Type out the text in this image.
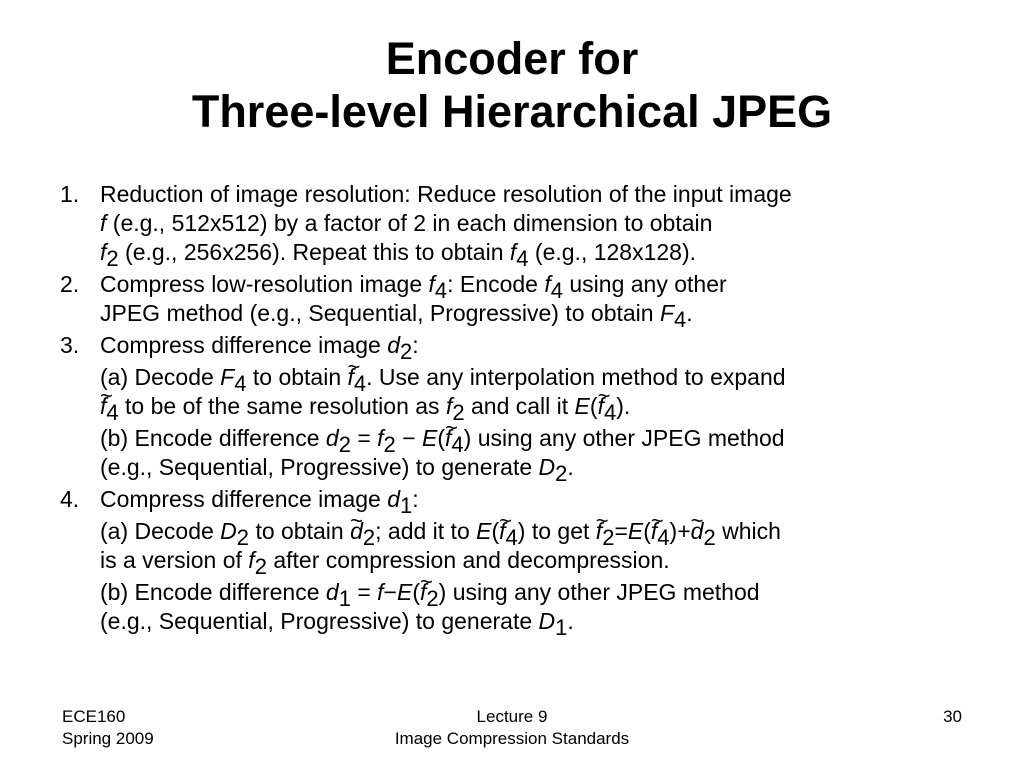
Encoder for
Three-level Hierarchical JPEG
1. Reduction of image resolution: Reduce resolution of the input image
f (e.g., 512x512) by a factor of 2 in each dimension to obtain
$f_2$ (e.g., 256x256). Repeat this to obtain $f_4$ (e.g., 128x128).
2. Compress low-resolution image $f_4$: Encode $f_4$ using any other
JPEG method (e.g., Sequential, Progressive) to obtain $F_4$.
3. Compress difference image $d_2$:
(a) Decode $F_4$ to obtain ~ $f_4$. Use any interpolation method to expand
~ $f_4$ to be of the same resolution as $f_2$ and call it E(~ $f_4$).
(b) Encode difference $d_2 = f_2$ − E(~ $f_4$) using any other JPEG method
(e.g., Sequential, Progressive) to generate $D_2$.
4. Compress difference image $d_1$:
(a) Decode $D_2$ to obtain ~ $d_2$; add it to E(~ $f_4$) to get ~ $f_2=E(\sim$ $f_4)+\sim$ $d_2$ which
is a version of $f_2$ after compression and decompression.
(b) Encode difference $d_1$ = f−E(~ $f_2$) using any other JPEG method
(e.g., Sequential, Progressive) to generate $D_1$.
ECE160
Spring 2009
Lecture 9
Image Compression Standards
30
